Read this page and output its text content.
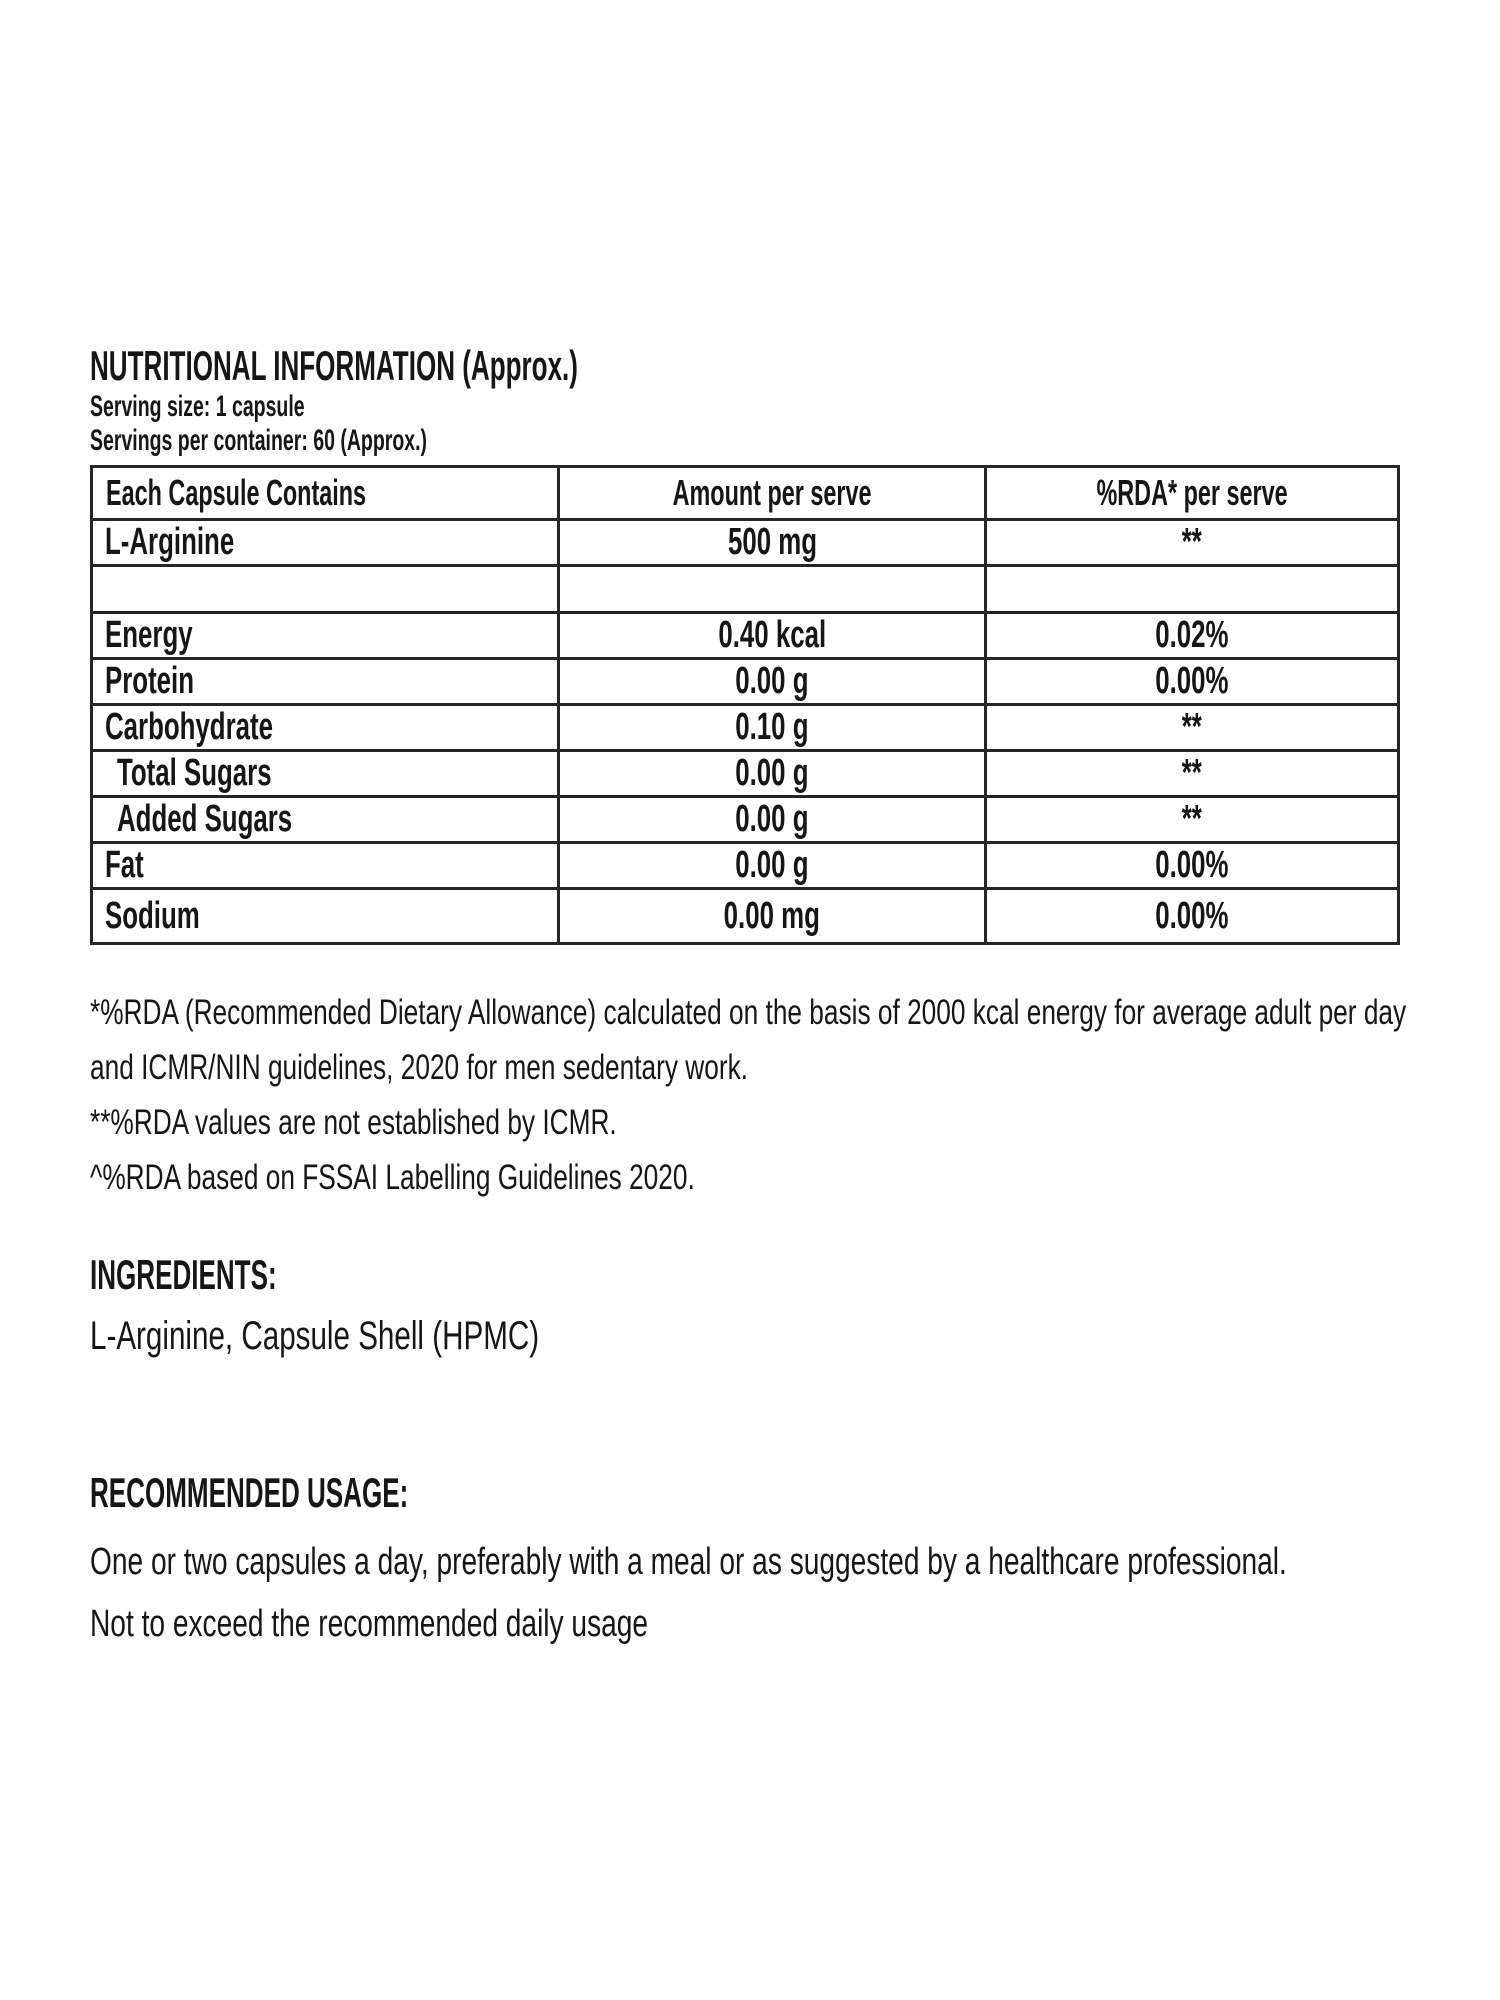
NUTRITIONAL INFORMATION (Approx.)
Serving size: 1 capsule
Servings per container: 60 (Approx.)
Each Capsule Contains	Amount per serve	%RDA* per serve
L-Arginine	500 mg	**

Energy	0.40 kcal	0.02%
Protein	0.00 g	0.00%
Carbohydrate	0.10 g	**
Total Sugars	0.00 g	**
Added Sugars	0.00 g	**
Fat	0.00 g	0.00%
Sodium	0.00 mg	0.00%
*%RDA (Recommended Dietary Allowance) calculated on the basis of 2000 kcal energy for average adult per day
and ICMR/NIN guidelines, 2020 for men sedentary work.
**%RDA values are not established by ICMR.
^%RDA based on FSSAI Labelling Guidelines 2020.
INGREDIENTS:
L-Arginine, Capsule Shell (HPMC)
RECOMMENDED USAGE:
One or two capsules a day, preferably with a meal or as suggested by a healthcare professional.
Not to exceed the recommended daily usage
